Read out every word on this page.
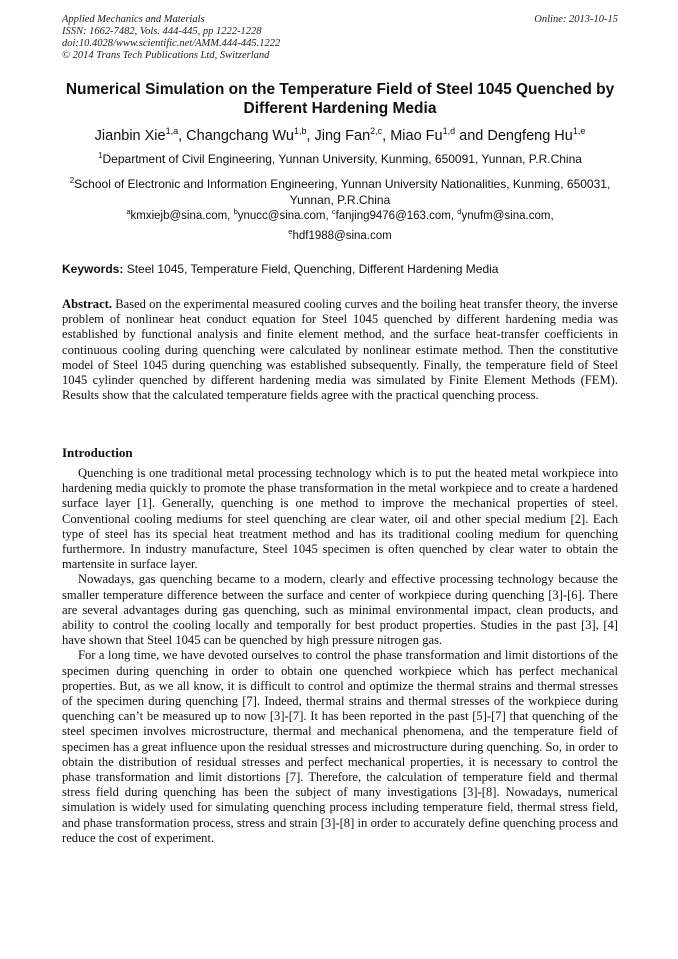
Applied Mechanics and Materials	Online: 2013-10-15
ISSN: 1662-7482, Vols. 444-445, pp 1222-1228
doi:10.4028/www.scientific.net/AMM.444-445.1222
© 2014 Trans Tech Publications Ltd, Switzerland
Numerical Simulation on the Temperature Field of Steel 1045 Quenched by Different Hardening Media
Jianbin Xie$^{1,a}$, Changchang Wu$^{1,b}$, Jing Fan$^{2,c}$, Miao Fu$^{1,d}$ and Dengfeng Hu$^{1,e}$
$^1$Department of Civil Engineering, Yunnan University, Kunming, 650091, Yunnan, P.R.China
$^2$School of Electronic and Information Engineering, Yunnan University Nationalities, Kunming, 650031, Yunnan, P.R.China
$^a$kmxiejb@sina.com, $^b$ynucc@sina.com, $^c$fanjing9476@163.com, $^d$ynufm@sina.com,
$^e$hdf1988@sina.com
Keywords: Steel 1045, Temperature Field, Quenching, Different Hardening Media
Abstract. Based on the experimental measured cooling curves and the boiling heat transfer theory, the inverse problem of nonlinear heat conduct equation for Steel 1045 quenched by different hardening media was established by functional analysis and finite element method, and the surface heat-transfer coefficients in continuous cooling during quenching were calculated by nonlinear estimate method. Then the constitutive model of Steel 1045 during quenching was established subsequently. Finally, the temperature field of Steel 1045 cylinder quenched by different hardening media was simulated by Finite Element Methods (FEM). Results show that the calculated temperature fields agree with the practical quenching process.
Introduction

Quenching is one traditional metal processing technology which is to put the heated metal workpiece into hardening media quickly to promote the phase transformation in the metal workpiece and to create a hardened surface layer [1]. Generally, quenching is one method to improve the mechanical properties of steel. Conventional cooling mediums for steel quenching are clear water, oil and other special medium [2]. Each type of steel has its special heat treatment method and has its traditional cooling medium for quenching furthermore. In industry manufacture, Steel 1045 specimen is often quenched by clear water to obtain the martensite in surface layer.

Nowadays, gas quenching became to a modern, clearly and effective processing technology because the smaller temperature difference between the surface and center of workpiece during quenching [3]-[6]. There are several advantages during gas quenching, such as minimal environmental impact, clean products, and ability to control the cooling locally and temporally for best product properties. Studies in the past [3], [4] have shown that Steel 1045 can be quenched by high pressure nitrogen gas.

For a long time, we have devoted ourselves to control the phase transformation and limit distortions of the specimen during quenching in order to obtain one quenched workpiece which has perfect mechanical properties. But, as we all know, it is difficult to control and optimize the thermal strains and thermal stresses of the specimen during quenching [7]. Indeed, thermal strains and thermal stresses of the workpiece during quenching can’t be measured up to now [3]-[7]. It has been reported in the past [5]-[7] that quenching of the steel specimen involves microstructure, thermal and mechanical phenomena, and the temperature field of specimen has a great influence upon the residual stresses and microstructure during quenching. So, in order to obtain the distribution of residual stresses and perfect mechanical properties, it is necessary to control the phase transformation and limit distortions [7]. Therefore, the calculation of temperature field and thermal stress field during quenching has been the subject of many investigations [3]-[8]. Nowadays, numerical simulation is widely used for simulating quenching process including temperature field, thermal stress field, and phase transformation process, stress and strain [3]-[8] in order to accurately define quenching process and reduce the cost of experiment.
